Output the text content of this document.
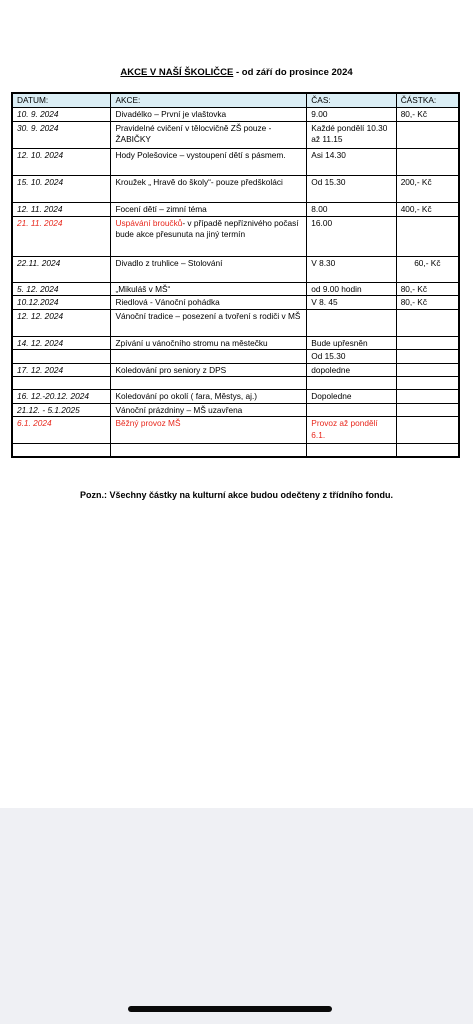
AKCE V NAŠÍ ŠKOLIČCE - od září do prosince 2024
DATUM:	AKCE:	ČAS:	ČÁSTKA:
10. 9. 2024	Divadélko – První je vlaštovka	9.00	80,- Kč
30. 9. 2024	Pravidelné cvičení v tělocvičně ZŠ pouze - ŽABIČKY	Každé pondělí 10.30 až 11.15	
12. 10. 2024	Hody Polešovice – vystoupení dětí s pásmem.	Asi 14.30	
15. 10. 2024	Kroužek „ Hravě do školy“- pouze předškoláci	Od 15.30	200,- Kč
12. 11. 2024	Focení dětí – zimní téma	8.00	400,- Kč
21. 11. 2024	Uspávání broučků- v případě nepříznivého počasí bude akce přesunuta na jiný termín	16.00	
22.11. 2024	Divadlo z truhlice – Stolování	V 8.30	60,- Kč
5. 12. 2024	„Mikuláš v MŠ“	od 9.00 hodin	80,- Kč
10.12.2024	Riedlová - Vánoční pohádka	V 8. 45	80,- Kč
12. 12. 2024	Vánoční tradice – posezení a tvoření s rodiči v MŠ		
14. 12. 2024	Zpívání u vánočního stromu na městečku	Bude upřesněn	
		Od 15.30	
17. 12. 2024	Koledování pro seniory z DPS	dopoledne	

16. 12.-20.12. 2024	Koledování po okolí ( fara, Městys, aj.)	Dopoledne	
21.12. - 5.1.2025	Vánoční prázdniny – MŠ uzavřena		
6.1. 2024	Běžný provoz MŠ	Provoz až pondělí 6.1.	

Pozn.: Všechny částky na kulturní akce budou odečteny z třídního fondu.
